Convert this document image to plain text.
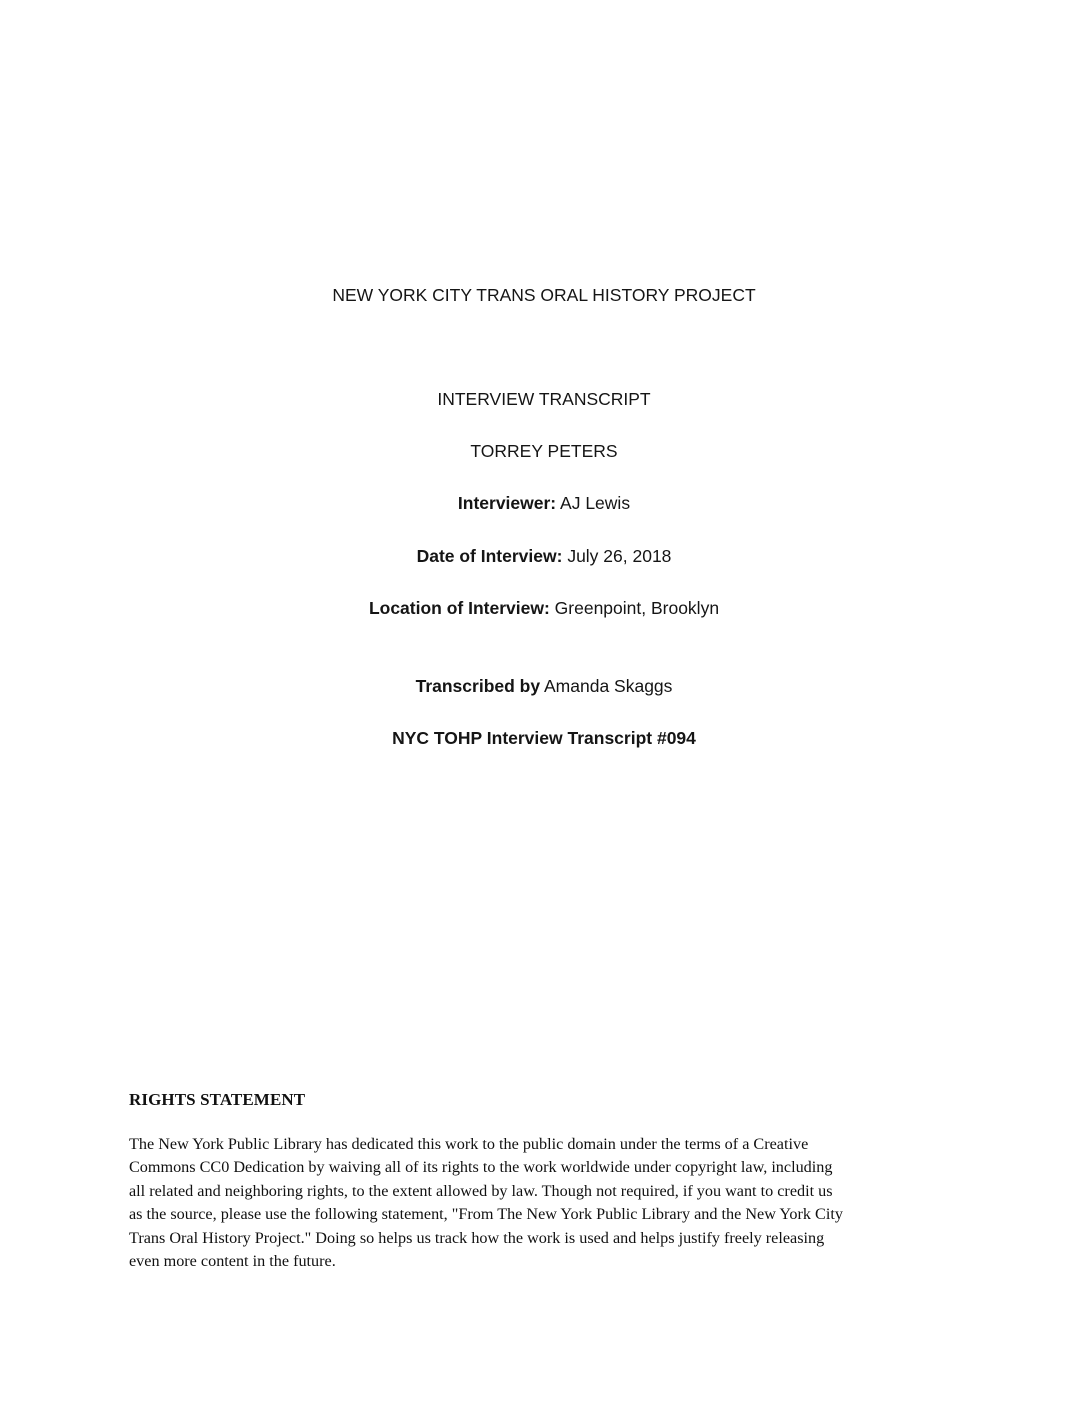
NEW YORK CITY TRANS ORAL HISTORY PROJECT
INTERVIEW TRANSCRIPT
TORREY PETERS
Interviewer: AJ Lewis
Date of Interview: July 26, 2018
Location of Interview: Greenpoint, Brooklyn
Transcribed by Amanda Skaggs
NYC TOHP Interview Transcript #094
RIGHTS STATEMENT
The New York Public Library has dedicated this work to the public domain under the terms of a Creative
Commons CC0 Dedication by waiving all of its rights to the work worldwide under copyright law, including
all related and neighboring rights, to the extent allowed by law. Though not required, if you want to credit us
as the source, please use the following statement, "From The New York Public Library and the New York City
Trans Oral History Project." Doing so helps us track how the work is used and helps justify freely releasing
even more content in the future.
